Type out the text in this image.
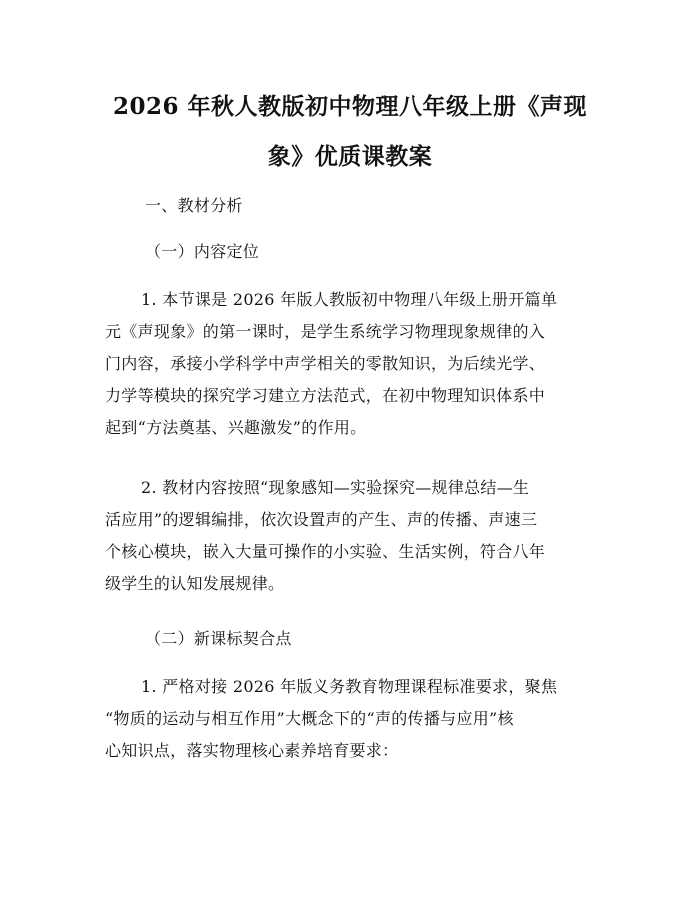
2026 年秋人教版初中物理八年级上册《声现
象》优质课教案
一、教材分析
（一）内容定位
1. 本节课是 2026 年版人教版初中物理八年级上册开篇单
元《声现象》的第一课时，是学生系统学习物理现象规律的入
门内容，承接小学科学中声学相关的零散知识，为后续光学、
力学等模块的探究学习建立方法范式，在初中物理知识体系中
起到“方法奠基、兴趣激发”的作用。
2. 教材内容按照“现象感知—实验探究—规律总结—生
活应用”的逻辑编排，依次设置声的产生、声的传播、声速三
个核心模块，嵌入大量可操作的小实验、生活实例，符合八年
级学生的认知发展规律。
（二）新课标契合点
1. 严格对接 2026 年版义务教育物理课程标准要求，聚焦
“物质的运动与相互作用”大概念下的“声的传播与应用”核
心知识点，落实物理核心素养培育要求：
